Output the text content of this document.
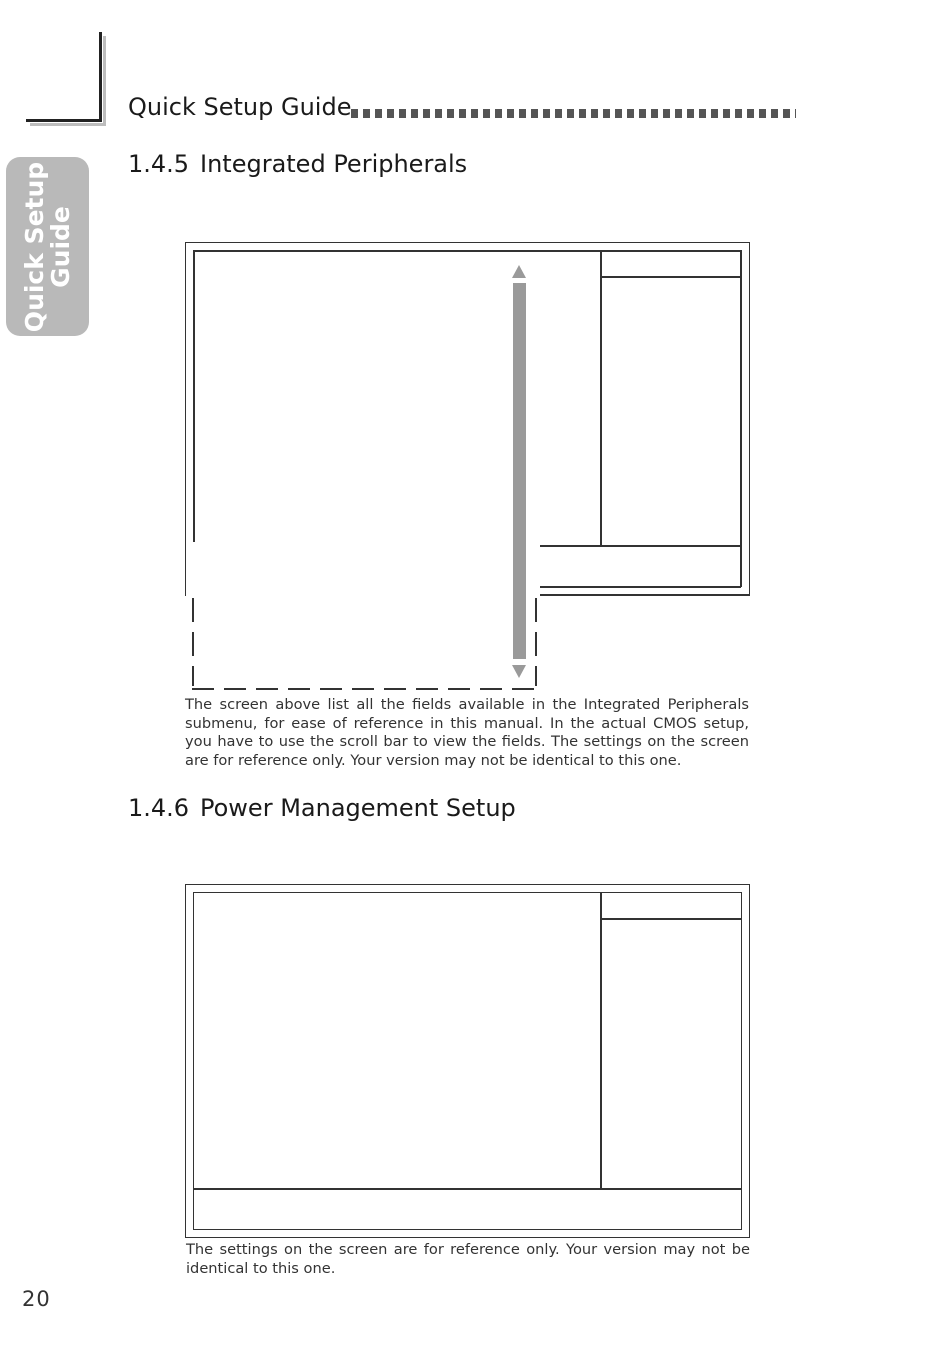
Quick Setup
Guide
Quick Setup Guide
1.4.5 Integrated Peripherals
The screen above list all the fields available in the Integrated Peripherals submenu, for ease of reference in this manual. In the actual CMOS setup, you have to use the scroll bar to view the fields. The settings on the screen are for reference only. Your version may not be identical to this one.
1.4.6 Power Management Setup
The settings on the screen are for reference only. Your version may not be identical to this one.
20
